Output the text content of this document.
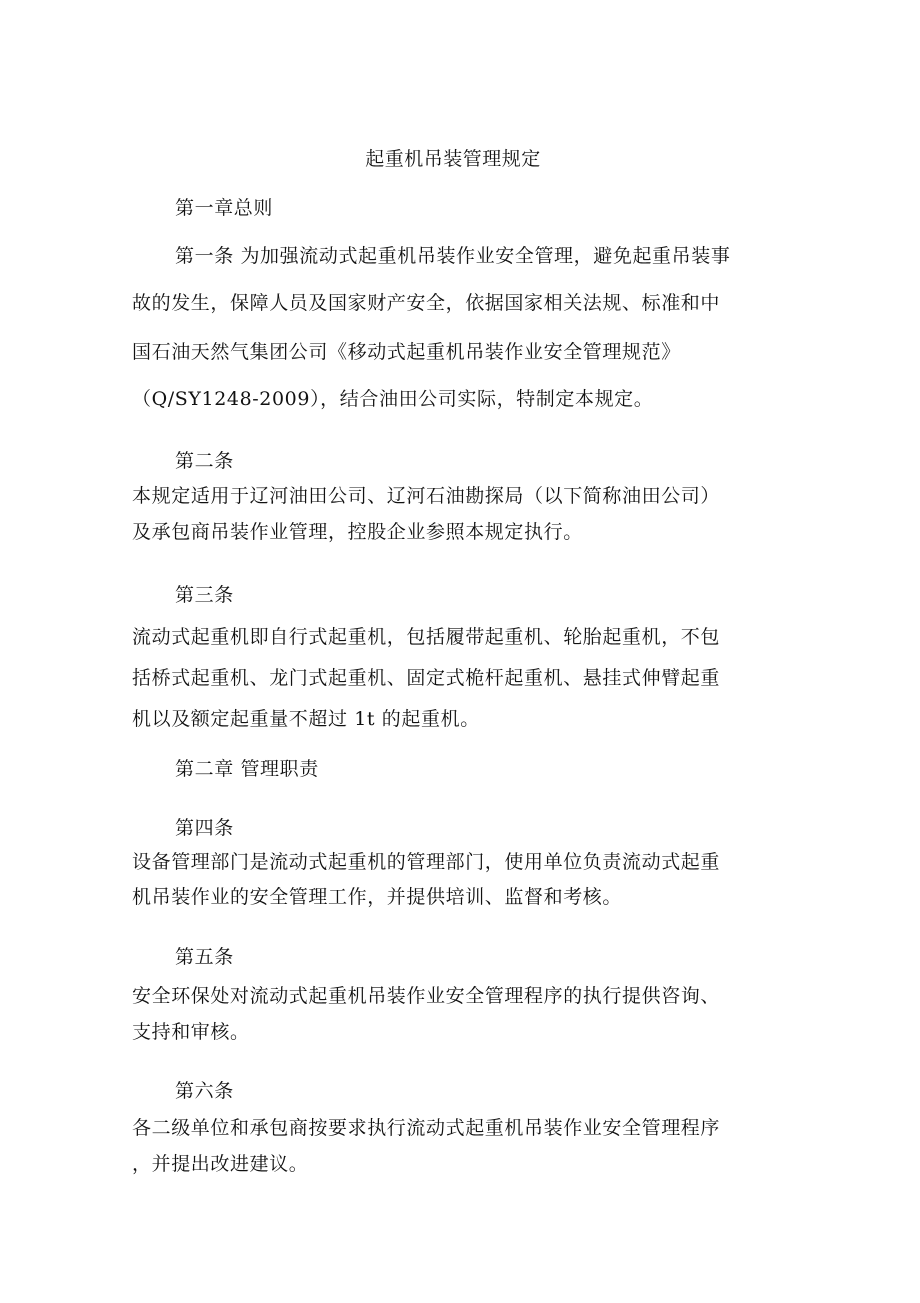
起重机吊装管理规定
第一章总则
第一条 为加强流动式起重机吊装作业安全管理，避免起重吊装事
故的发生，保障人员及国家财产安全，依据国家相关法规、标准和中
国石油天然气集团公司《移动式起重机吊装作业安全管理规范》
（Q/SY1248-2009），结合油田公司实际，特制定本规定。
第二条
本规定适用于辽河油田公司、辽河石油勘探局（以下简称油田公司）
及承包商吊装作业管理，控股企业参照本规定执行。
第三条
流动式起重机即自行式起重机，包括履带起重机、轮胎起重机，不包
括桥式起重机、龙门式起重机、固定式桅杆起重机、悬挂式伸臂起重
机以及额定起重量不超过 1t 的起重机。
第二章 管理职责
第四条
设备管理部门是流动式起重机的管理部门，使用单位负责流动式起重
机吊装作业的安全管理工作，并提供培训、监督和考核。
第五条
安全环保处对流动式起重机吊装作业安全管理程序的执行提供咨询、
支持和审核。
第六条
各二级单位和承包商按要求执行流动式起重机吊装作业安全管理程序
，并提出改进建议。
